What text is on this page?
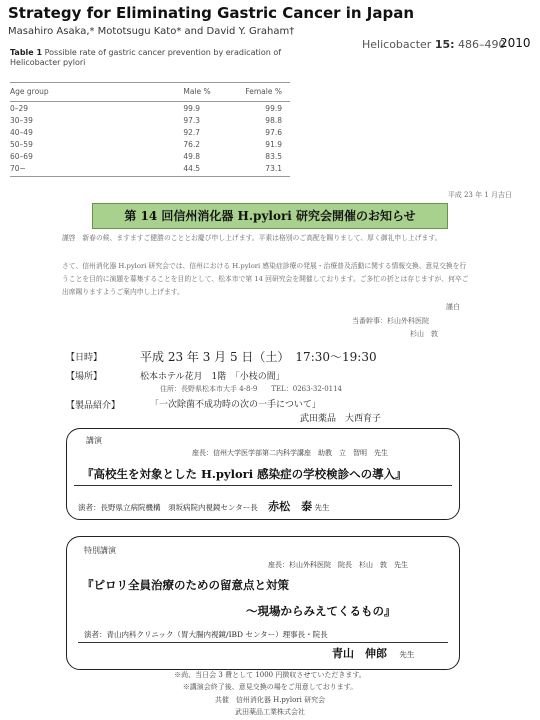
Strategy for Eliminating Gastric Cancer in Japan
Masahiro Asaka,* Mototsugu Kato* and David Y. Graham†
Helicobacter 15: 486–490
2010
Table 1 Possible rate of gastric cancer prevention by eradication of Helicobacter pylori
Age group	Male %	Female %
0–29	99.9	99.9
30–39	97.3	98.8
40–49	92.7	97.6
50–59	76.2	91.9
60–69	49.8	83.5
70~	44.5	73.1
平成 23 年 1 月吉日
第 14 回信州消化器 H.pylori 研究会開催のお知らせ
謹啓　新春の候、ますますご健勝のこととお慶び申し上げます。平素は格別のご高配を賜りまして、厚く御礼申し上げます。
さて、信州消化器 H.pylori 研究会では、信州における H.pylori 感染症診療の発展・治療普及活動に関する情報交換、意見交換を行うことを目的に演題を募集することを目的として、松本市で第 14 回研究会を開催しております。ご多忙の折とは存じますが、何卒ご出席賜りますようご案内申し上げます。
謹白
当番幹事：杉山外科医院
杉山　敦
【日時】	平成 23 年 3 月 5 日（土）　17:30～19:30
【場所】	松本ホテル花月　1階　「小枝の間」
住所：長野県松本市大手 4-8-9　　TEL：0263-32-0114
【製品紹介】	「一次除菌不成功時の次の一手について」
武田薬品　大西育子
講演
座長：信州大学医学部第二内科学講座　助教　立　智明　先生
『高校生を対象とした H.pylori 感染症の学校検診への導入』
演者：長野県立病院機構　須坂病院内視鏡センター長 赤松　泰 先生
特別講演
座長：杉山外科医院　院長　杉山　敦　先生
『ピロリ全員治療のための留意点と対策
～現場からみえてくるもの』
演者：青山内科クリニック（胃大腸内視鏡/IBD センター）理事長・院長
青山　伸郎 先生
※尚、当日会 3 費として 1000 円徴収させていただきます。
※講演会終了後、意見交換の場をご用意しております。
共催　信州消化器 H.pylori 研究会
武田薬品工業株式会社
